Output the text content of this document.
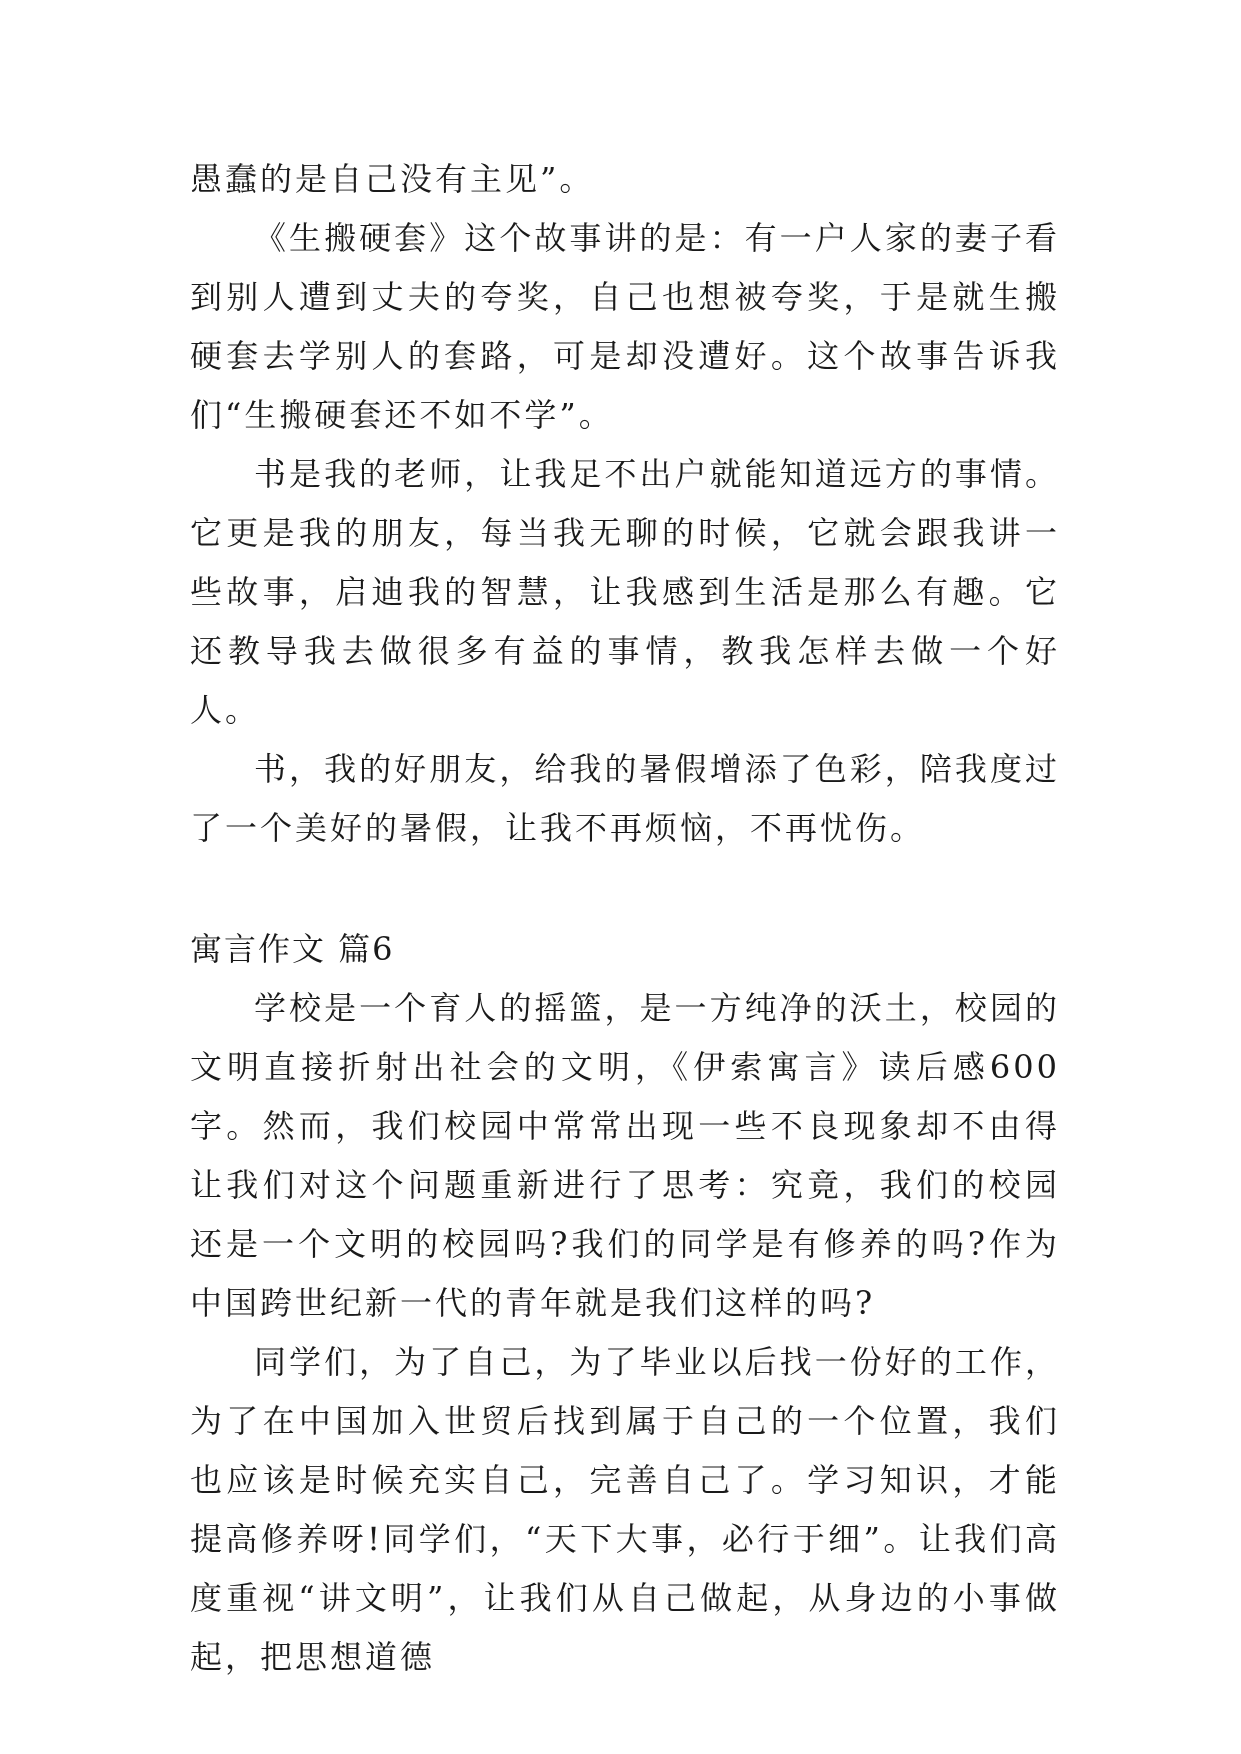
愚蠢的是自己没有主见”。

《生搬硬套》这个故事讲的是：有一户人家的妻子看到别人遭到丈夫的夸奖，自己也想被夸奖，于是就生搬硬套去学别人的套路，可是却没遭好。这个故事告诉我们“生搬硬套还不如不学”。

书是我的老师，让我足不出户就能知道远方的事情。它更是我的朋友，每当我无聊的时候，它就会跟我讲一些故事，启迪我的智慧，让我感到生活是那么有趣。它还教导我去做很多有益的事情，教我怎样去做一个好人。

书，我的好朋友，给我的暑假增添了色彩，陪我度过了一个美好的暑假，让我不再烦恼，不再忧伤。

寓言作文 篇6

学校是一个育人的摇篮，是一方纯净的沃土，校园的文明直接折射出社会的文明，《伊索寓言》读后感600字。然而，我们校园中常常出现一些不良现象却不由得让我们对这个问题重新进行了思考：究竟，我们的校园还是一个文明的校园吗?我们的同学是有修养的吗?作为中国跨世纪新一代的青年就是我们这样的吗?

同学们，为了自己，为了毕业以后找一份好的工作，为了在中国加入世贸后找到属于自己的一个位置，我们也应该是时候充实自己，完善自己了。学习知识，才能提高修养呀!同学们，“天下大事，必行于细”。让我们高度重视“讲文明”，让我们从自己做起，从身边的小事做起，把思想道德
